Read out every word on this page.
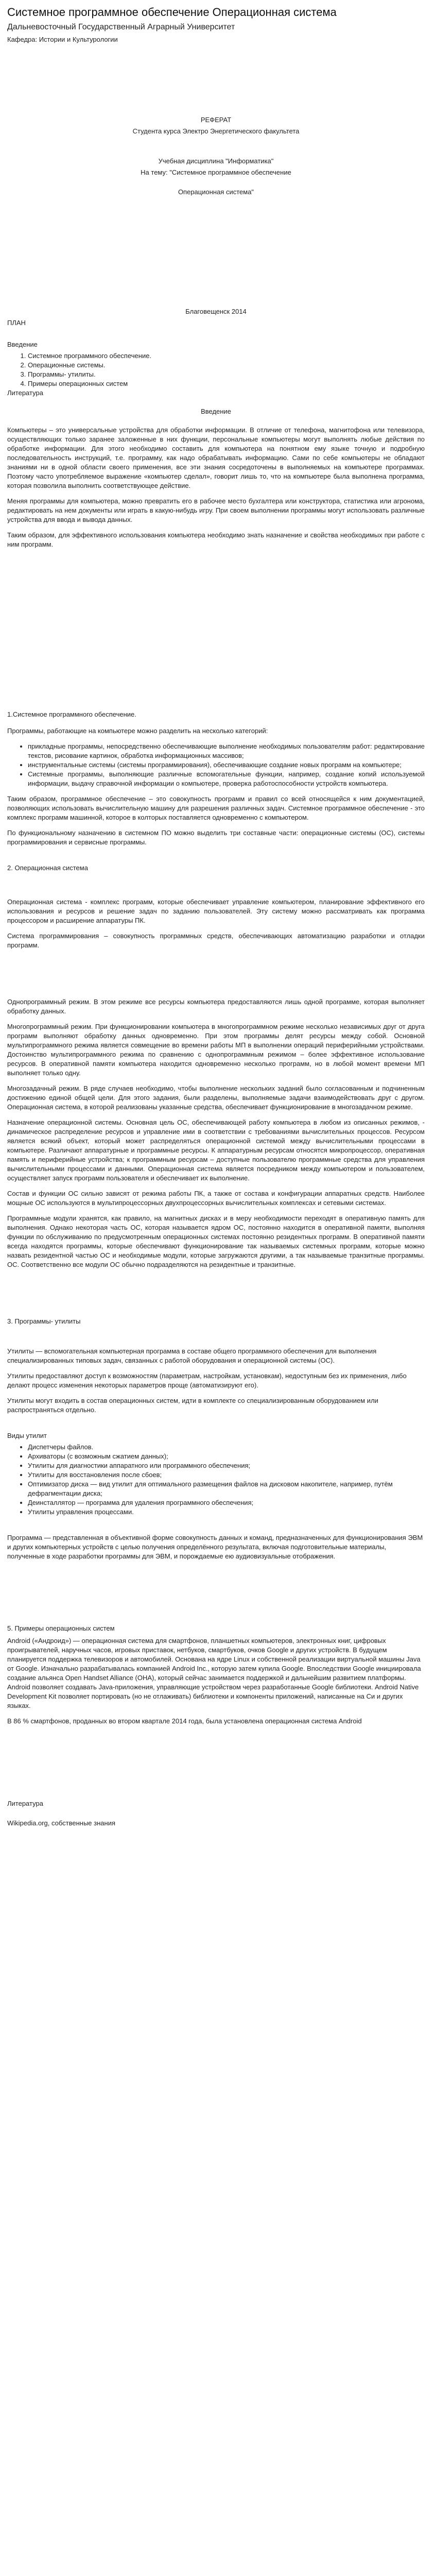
Системное программное обеспечение Операционная система
Дальневосточный Государственный Аграрный Университет
Кафедра: Истории и Культурологии

РЕФЕРАТ

Студента курса Электро Энергетического факультета

Учебная дисциплина "Информатика"

На тему: "Системное программное обеспечение

Операционная система"

Благовещенск 2014

ПЛАН

Введение

1. Системное программного обеспечение.
2. Операционные системы.
3. Программы- утилиты.
4. Примеры операционных систем

Литература

Введение

Компьютеры – это универсальные устройства для обработки информации. В отличие от телефона, магнитофона или телевизора, осуществляющих только заранее заложенные в них функции, персональные компьютеры могут выполнять любые действия по обработке информации. Для этого необходимо составить для компьютера на понятном ему языке точную и подробную последовательность инструкций, т.е. программу, как надо обрабатывать информацию. Сами по себе компьютеры не обладают знаниями ни в одной области своего применения, все эти знания сосредоточены в выполняемых на компьютере программах. Поэтому часто употребляемое выражение «компьютер сделал», говорит лишь то, что на компьютере была выполнена программа, которая позволила выполнить соответствующее действие.

Меняя программы для компьютера, можно превратить его в рабочее место бухгалтера или конструктора, статистика или агронома, редактировать на нем документы или играть в какую-нибудь игру. При своем выполнении программы могут использовать различные устройства для ввода и вывода данных.

Таким образом, для эффективного использования компьютера необходимо знать назначение и свойства необходимых при работе с ним программ.

1.Системное программного обеспечение.

Программы, работающие на компьютере можно разделить на несколько категорий:

• прикладные программы, непосредственно обеспечивающие выполнение необходимых пользователям работ: редактирование текстов, рисование картинок, обработка информационных массивов;
• инструментальные системы (системы программирования), обеспечивающие создание новых программ на компьютере;
• Системные программы, выполняющие различные вспомогательные функции, например, создание копий используемой информации, выдачу справочной информации о компьютере, проверка работоспособности устройств компьютера.

Таким образом, программное обеспечение – это совокупность программ и правил со всей относящейся к ним документацией, позволяющих использовать вычислительную машину для разрешения различных задач. Системное программное обеспечение - это комплекс программ машинной, которое в колтоpых поставляется одновременно с компьютером.

По функциональному назначению в системном ПО можно выделить три составные части: операционные системы (ОС), системы программирования и сервисные программы.

2. Операционная система

Операционная система - комплекс программ, которые обеспечивает управление компьютером, планирование эффективного его использования и ресурсов и решение задач по заданию пользователей. Эту систему можно рассматривать как программа процессором и расширение аппаратуры ПК.

Система программирования – совокупность программных средств, обеспечивающих автоматизацию разработки и отладки программ.

Однопрограммный режим. В этом режиме все ресурсы компьютера предоставляются лишь одной программе, которая выполняет обработку данных.

Многопрограммный режим. При функционировании компьютера в многопрограммном режиме несколько независимых друг от друга программ выполняют обработку данных одновременно. При этом программы делят ресурсы между собой. Основной мультипрограммного режима является совмещение во времени работы МП в выполнении операций периферийными устройствами. Достоинство мультипрограммного режима по сравнению с однопрограммным режимом – более эффективное использование ресурсов. В оперативной памяти компьютера находится одновременно несколько программ, но в любой момент времени МП выполняет только одну.

Многозадачный режим. В ряде случаев необходимо, чтобы выполнение нескольких заданий было согласованным и подчиненным достижению единой общей цели. Для этого задания, были разделены, выполняемые задачи взаимодействовать друг с другом. Операционная система, в которой реализованы указанные средства, обеспечивает функционирование в многозадачном режиме.

Назначение операционной системы. Основная цель ОС, обеспечивающей работу компьютера в любом из описанных режимов, - динамическое распределение ресурсов и управление ими в соответствии с требованиями вычислительных процессов. Ресурсом является всякий объект, который может распределяться операционной системой между вычислительными процессами в компьютере. Различают аппаратурные и программные ресурсы. К аппаратурным ресурсам относятся микропроцессор, оперативная память и периферийные устройства; к программным ресурсам – доступные пользователю программные средства для управления вычислительными процессами и данными. Операционная система является посредником между компьютером и пользователем, осуществляет запуск программ пользователя и обеспечивает их выполнение.

Состав и функции ОС сильно зависят от режима работы ПК, а также от состава и конфигурации аппаратных средств. Наиболее мощные ОС используются в мультипроцессорных двухпроцессорных вычислительных комплексах и сетевыми системах.

Программные модули хранятся, как правило, на магнитных дисках и в меру необходимости переходят в оперативную память для выполнения. Однако некоторая часть ОС, которая называется ядром ОС, постоянно находится в оперативной памяти, выполняя функции по обслуживанию по предусмотренным операционных системах постоянно резидентных программ. В оперативной памяти всегда находятся программы, которые обеспечивают функционирование так называемых системных программ, которые можно назвать резидентной частью ОС и необходимые модули, которые загружаются другими, а так называемые транзитные программы. ОС. Соответственно все модули ОС обычно подразделяются на резидентные и транзитные.

3. Программы- утилиты

Утилиты — вспомогательная компьютерная программа в составе общего программного обеспечения для выполнения специализированных типовых задач, связанных с работой оборудования и операционной системы (ОС).

Утилиты предоставляют доступ к возможностям (параметрам, настройкам, установкам), недоступным без их применения, либо делают процесс изменения некоторых параметров проще (автоматизируют его).

Утилиты могут входить в состав операционных систем, идти в комплекте со специализированным оборудованием или распространяться отдельно.

Виды утилит

• Диспетчеры файлов.
• Архиваторы (с возможным сжатием данных);
• Утилиты для диагностики аппаратного или программного обеспечения;
• Утилиты для восстановления после сбоев;
• Оптимизатор диска — вид утилит для оптимального размещения файлов на дисковом накопителе, например, путём дефрагментации диска;
• Деинсталлятор — программа для удаления программного обеспечения;
• Утилиты управления процессами.

Программа — представленная в объективной форме совокупность данных и команд, предназначенных для функционирования ЭВМ и других компьютерных устройств с целью получения определённого результата, включая подготовительные материалы, полученные в ходе разработки программы для ЭВМ, и порождаемые ею аудиовизуальные отображения.

5. Примеры операционных систем

Android («Андроид») — операционная система для смартфонов, планшетных компьютеров, электронных книг, цифровых проигрывателей, наручных часов, игровых приставок, нетбуков, смартбуков, очков Google и других устройств. В будущем планируется поддержка телевизоров и автомобилей. Основана на ядре Linux и собственной реализации виртуальной машины Java от Google. Изначально разрабатывалась компанией Android Inc., которую затем купила Google. Впоследствии Google инициировала создание альянса Open Handset Alliance (OHA), который сейчас занимается поддержкой и дальнейшим развитием платформы. Android позволяет создавать Java-приложения, управляющие устройством через разработанные Google библиотеки. Android Native Development Kit позволяет портировать (но не отлаживать) библиотеки и компоненты приложений, написанные на Си и других языках.

В 86 % смартфонов, проданных во втором квартале 2014 года, была установлена операционная система Android

Литература

Wikipedia.org, собственные знания
